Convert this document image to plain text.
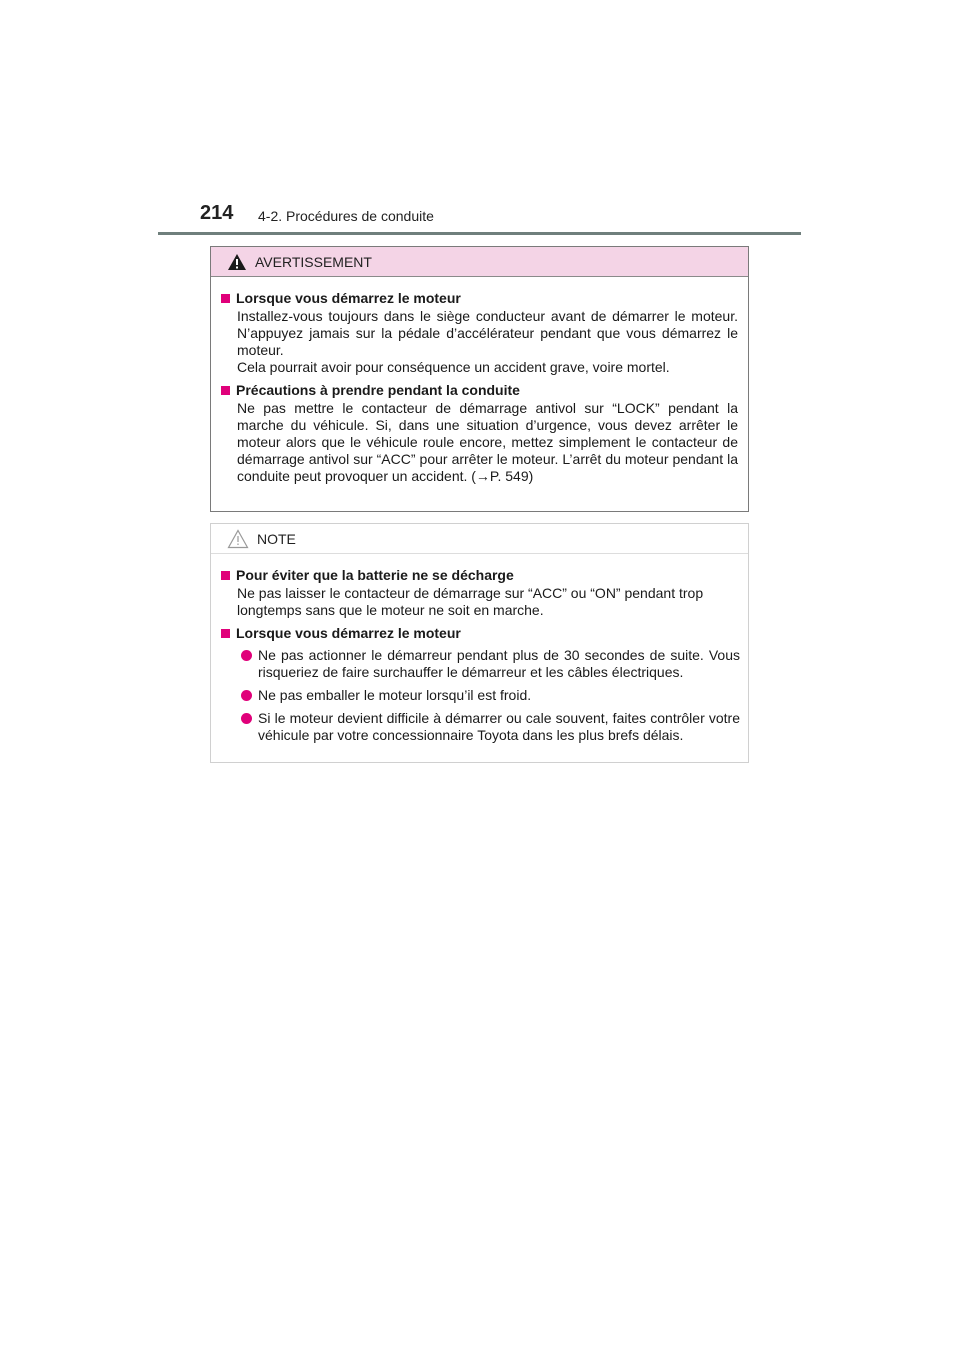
214 4-2. Procédures de conduite
AVERTISSEMENT
Lorsque vous démarrez le moteur
Installez-vous toujours dans le siège conducteur avant de démarrer le moteur. N’appuyez jamais sur la pédale d’accélérateur pendant que vous démarrez le moteur.
Cela pourrait avoir pour conséquence un accident grave, voire mortel.
Précautions à prendre pendant la conduite
Ne pas mettre le contacteur de démarrage antivol sur “LOCK” pendant la marche du véhicule. Si, dans une situation d’urgence, vous devez arrêter le moteur alors que le véhicule roule encore, mettez simplement le contacteur de démarrage antivol sur “ACC” pour arrêter le moteur. L’arrêt du moteur pendant la conduite peut provoquer un accident. (→P. 549)
NOTE
Pour éviter que la batterie ne se décharge
Ne pas laisser le contacteur de démarrage sur “ACC” ou “ON” pendant trop longtemps sans que le moteur ne soit en marche.
Lorsque vous démarrez le moteur
Ne pas actionner le démarreur pendant plus de 30 secondes de suite. Vous risqueriez de faire surchauffer le démarreur et les câbles électriques.
Ne pas emballer le moteur lorsqu’il est froid.
Si le moteur devient difficile à démarrer ou cale souvent, faites contrôler votre véhicule par votre concessionnaire Toyota dans les plus brefs délais.
